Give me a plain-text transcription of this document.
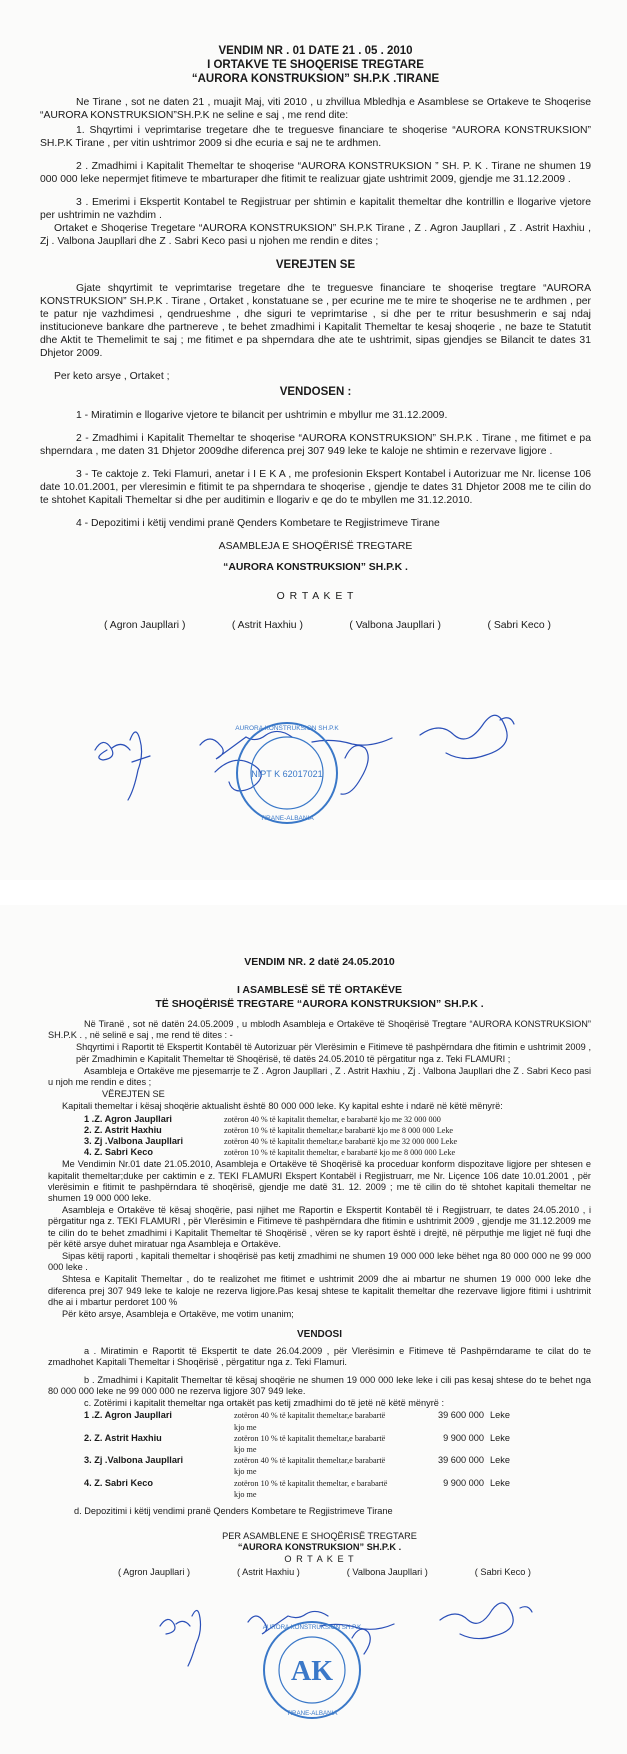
VENDIM NR . 01 DATE 21 . 05 . 2010
I ORTAKVE TE SHOQERISE TREGTARE
“AURORA KONSTRUKSION” SH.P.K .TIRANE

Ne Tirane , sot ne daten 21 , muajit Maj, viti 2010 , u zhvillua Mbledhja e Asamblese se Ortakeve te Shoqerise “AURORA KONSTRUKSION”SH.P.K ne seline e saj , me rend dite:

1. Shqyrtimi i veprimtarise tregetare dhe te treguesve financiare te shoqerise “AURORA KONSTRUKSION” SH.P.K Tirane , per vitin ushtrimor 2009 si dhe ecuria e saj ne te ardhmen.

2 . Zmadhimi i Kapitalit Themeltar te shoqerise “AURORA KONSTRUKSION ” SH. P. K . Tirane ne shumen 19 000 000 leke nepermjet fitimeve te mbarturaper dhe fitimit te realizuar gjate ushtrimit 2009, gjendje me 31.12.2009 .

3 . Emerimi i Ekspertit Kontabel te Regjistruar per shtimin e kapitalit themeltar dhe kontrillin e llogarive vjetore per ushtrimin ne vazhdim .

Ortaket e Shoqerise Tregetare “AURORA KONSTRUKSION” SH.P.K Tirane , Z . Agron Jaupllari , Z . Astrit Haxhiu , Zj . Valbona Jaupllari dhe Z . Sabri Keco pasi u njohen me rendin e dites ;

VEREJTEN SE

Gjate shqyrtimit te veprimtarise tregetare dhe te treguesve financiare te shoqerise tregtare “AURORA KONSTRUKSION” SH.P.K . Tirane , Ortaket , konstatuane se , per ecurine me te mire te shoqerise ne te ardhmen , per te patur nje vazhdimesi , qendrueshme , dhe siguri te veprimtarise , si dhe per te rritur besushmerin e saj ndaj institucioneve bankare dhe partnereve , te behet zmadhimi i Kapitalit Themeltar te kesaj shoqerie , ne baze te Statutit dhe Aktit te Themelimit te saj ; me fitimet e pa shperndara dhe ate te ushtrimit, sipas gjendjes se Bilancit te dates 31 Dhjetor 2009.

Per keto arsye , Ortaket ;

VENDOSEN :

1 - Miratimin e llogarive vjetore te bilancit per ushtrimin e mbyllur me 31.12.2009.

2 - Zmadhimi i Kapitalit Themeltar te shoqerise “AURORA KONSTRUKSION” SH.P.K . Tirane , me fitimet e pa shperndara , me daten 31 Dhjetor 2009dhe diferenca prej 307 949 leke te kaloje ne shtimin e rezervave ligjore .

3 - Te caktoje z. Teki Flamuri, anetar i I E K A , me profesionin Ekspert Kontabel i Autorizuar me Nr. license 106 date 10.01.2001, per vleresimin e fitimit te pa shperndara te shoqerise , gjendje te dates 31 Dhjetor 2008 me te cilin do te shtohet Kapitali Themeltar si dhe per auditimin e llogariv e qe do te mbyllen me 31.12.2010.

4 - Depozitimi i këtij vendimi pranë Qenders Kombetare te Regjistrimeve Tirane

ASAMBLEJA E SHOQËRISË TREGTARE
“AURORA KONSTRUKSION” SH.P.K .
O R T A K E T
( Agron Jaupllari )	( Astrit Haxhiu )	( Valbona Jaupllari )	( Sabri Keco )
NIPT K 62017021
AURORA KONSTRUKSION SH.P.K
TIRANE-ALBANIA
VENDIM NR. 2 datë 24.05.2010
I ASAMBLESË SË TË ORTAKËVE
TË SHOQËRISË TREGTARE “AURORA KONSTRUKSION” SH.P.K .

Në Tiranë , sot në datën 24.05.2009 , u mblodh Asambleja e Ortakëve të Shoqërisë Tregtare “AURORA KONSTRUKSION” SH.P.K . , në selinë e saj , me rend të dites : -

Shqyrtimi i Raportit të Ekspertit Kontabël të Autorizuar për Vlerësimin e Fitimeve të pashpërndara dhe fitimin e ushtrimit 2009 , për Zmadhimin e Kapitalit Themeltar të Shoqërisë, të datës 24.05.2010 të përgatitur nga z. Teki FLAMURI ;

Asambleja e Ortakëve me pjesemarrje te Z . Agron Jaupllari , Z . Astrit Haxhiu , Zj . Valbona Jaupllari dhe Z . Sabri Keco pasi u njoh me rendin e dites ;

VËREJTEN SE

Kapitali themeltar i kësaj shoqërie aktualisht është 80 000 000 leke. Ky kapital eshte i ndarë në këtë mënyrë:

1 .Z. Agron Jaupllari	zotëron 40 % të kapitalit themeltar, e barabartë kjo me 32 000 000
2. Z. Astrit Haxhiu	zotëron 10 % të kapitalit themeltar,e barabartë kjo me 8 000 000 Leke
3. Zj .Valbona Jaupllari	zotëron 40 % të kapitalit themeltar,e barabartë kjo me 32 000 000 Leke
4. Z. Sabri Keco	zotëron 10 % të kapitalit themeltar, e barabartë kjo me 8 000 000 Leke

Me Vendimin Nr.01 date 21.05.2010, Asambleja e Ortakëve të Shoqërisë ka proceduar konform dispozitave ligjore per shtesen e kapitalit themeltar;duke per caktimin e z. TEKI FLAMURI Ekspert Kontabël i Regjistruarr, me Nr. Liçence 106 date 10.01.2001 , për vlerësimin e fitimit te pashpërndara të shoqërisë, gjendje me datë 31. 12. 2009 ; me të cilin do të shtohet kapitali themeltar ne shumen 19 000 000 leke.

Asambleja e Ortakëve të kësaj shoqërie, pasi njihet me Raportin e Ekspertit Kontabël të i Regjistruarr, te dates 24.05.2010 , i përgatitur nga z. TEKI FLAMURI , për Vlerësimin e Fitimeve të pashpërndara dhe fitimin e ushtrimit 2009 , gjendje me 31.12.2009 me te cilin do te behet zmadhimi i Kapitalit Themeltar të Shoqërisë , vëren se ky raport është i drejtë, në përputhje me ligjet në fuqi dhe për këtë arsye duhet miratuar nga Asambleja e Ortakëve.

Sipas këtij raporti , kapitali themeltar i shoqërisë pas ketij zmadhimi ne shumen 19 000 000 leke bëhet nga 80 000 000 ne 99 000 000 leke .

Shtesa e Kapitalit Themeltar , do te realizohet me fitimet e ushtrimit 2009 dhe ai mbartur ne shumen 19 000 000 leke dhe diferenca prej 307 949 leke te kaloje ne rezerva ligjore.Pas kesaj shtese te kapitalit themeltar dhe rezervave ligjore fitimi i ushtrimit dhe ai i mbartur perdoret 100 %

Për këto arsye, Asambleja e Ortakëve, me votim unanim;

VENDOSI

a . Miratimin e Raportit të Ekspertit te date 26.04.2009 , për Vlerësimin e Fitimeve të Pashpërndarame te cilat do te zmadhohet Kapitali Themeltar i Shoqërisë , përgatitur nga z. Teki Flamuri.

b . Zmadhimi i Kapitalit Themeltar të kësaj shoqërie ne shumen 19 000 000 leke leke i cili pas kesaj shtese do te behet nga 80 000 000 leke ne 99 000 000 ne rezerva ligjore 307 949 leke.

c. Zotërimi i kapitalit themeltar nga ortakët pas ketij zmadhimi do të jetë në këtë mënyrë :

1 .Z. Agron Jaupllari	zotëron 40 % të kapitalit themeltar,e barabartë kjo me
39 600 000 Leke
2. Z. Astrit Haxhiu	zotëron 10 % të kapitalit themeltar,e barabartë kjo me
9 900 000 Leke
3. Zj .Valbona Jaupllari	zotëron 40 % të kapitalit themeltar,e barabartë kjo me
39 600 000 Leke
4. Z. Sabri Keco	zotëron 10 % të kapitalit themeltar, e barabartë kjo me
9 900 000 Leke

d. Depozitimi i këtij vendimi pranë Qenders Kombetare te Regjistrimeve Tirane

PER ASAMBLENE E SHOQËRISË TREGTARE
“AURORA KONSTRUKSION” SH.P.K .
O R T A K E T
( Agron Jaupllari )	( Astrit Haxhiu )	( Valbona Jaupllari )	( Sabri Keco )
AK
AURORA KONSTRUKSION SH.P.K
TIRANE-ALBANIA
